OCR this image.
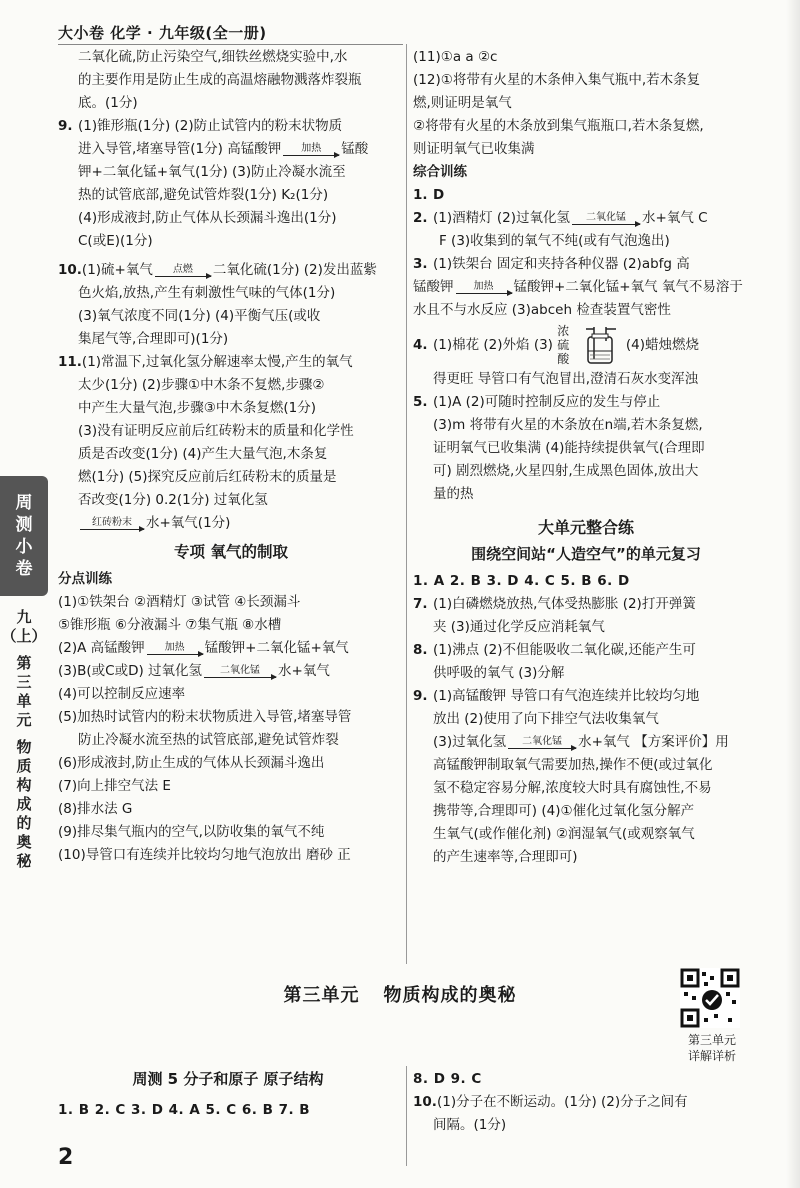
大小卷 化学 · 九年级(全一册)
周
测
小
卷
九
（上）
第
三
单
元
物
质
构
成
的
奥
秘
二氧化硫,防止污染空气,细铁丝燃烧实验中,水
的主要作用是防止生成的高温熔融物溅落炸裂瓶
底。(1分)
9. (1)锥形瓶(1分) (2)防止试管内的粉末状物质
进入导管,堵塞导管(1分) 高锰酸钾 加热 锰酸
钾+二氧化锰+氧气(1分) (3)防止冷凝水流至
热的试管底部,避免试管炸裂(1分) K₂(1分)
(4)形成液封,防止气体从长颈漏斗逸出(1分)
C(或E)(1分)
10.(1)硫+氧气 点燃 二氧化硫(1分) (2)发出蓝紫
色火焰,放热,产生有刺激性气味的气体(1分)
(3)氧气浓度不同(1分) (4)平衡气压(或收
集尾气等,合理即可)(1分)
11.(1)常温下,过氧化氢分解速率太慢,产生的氧气
太少(1分) (2)步骤①中木条不复燃,步骤②
中产生大量气泡,步骤③中木条复燃(1分)
(3)没有证明反应前后红砖粉末的质量和化学性
质是否改变(1分) (4)产生大量气泡,木条复
燃(1分) (5)探究反应前后红砖粉末的质量是
否改变(1分) 0.2(1分) 过氧化氢
红砖粉末 水+氧气(1分)
专项 氧气的制取
分点训练
(1)①铁架台 ②酒精灯 ③试管 ④长颈漏斗
⑤锥形瓶 ⑥分液漏斗 ⑦集气瓶 ⑧水槽
(2)A 高锰酸钾 加热 锰酸钾+二氧化锰+氧气
(3)B(或C或D) 过氧化氢 二氧化锰 水+氧气
(4)可以控制反应速率
(5)加热时试管内的粉末状物质进入导管,堵塞导管
防止冷凝水流至热的试管底部,避免试管炸裂
(6)形成液封,防止生成的气体从长颈漏斗逸出
(7)向上排空气法 E
(8)排水法 G
(9)排尽集气瓶内的空气,以防收集的氧气不纯
(10)导管口有连续并比较均匀地气泡放出 磨砂 正
(11)①a a ②c
(12)①将带有火星的木条伸入集气瓶中,若木条复
燃,则证明是氧气
②将带有火星的木条放到集气瓶瓶口,若木条复燃,
则证明氧气已收集满
综合训练
1. D
2. (1)酒精灯 (2)过氧化氢 二氧化锰 水+氧气 C
F (3)收集到的氧气不纯(或有气泡逸出)
3. (1)铁架台 固定和夹持各种仪器 (2)abfg 高
锰酸钾 加热 锰酸钾+二氧化锰+氧气 氧气不易溶于
水且不与水反应 (3)abceh 检查装置气密性
4. (1)棉花 (2)外焰 (3) 浓硫酸  (4)蜡烛燃烧
得更旺 导管口有气泡冒出,澄清石灰水变浑浊
5. (1)A (2)可随时控制反应的发生与停止
(3)m 将带有火星的木条放在n端,若木条复燃,
证明氧气已收集满 (4)能持续提供氧气(合理即
可) 剧烈燃烧,火星四射,生成黑色固体,放出大
量的热
大单元整合练
围绕空间站“人造空气”的单元复习
1. A 2. B 3. D 4. C 5. B 6. D
7. (1)白磷燃烧放热,气体受热膨胀 (2)打开弹簧
夹 (3)通过化学反应消耗氧气
8. (1)沸点 (2)不但能吸收二氧化碳,还能产生可
供呼吸的氧气 (3)分解
9. (1)高锰酸钾 导管口有气泡连续并比较均匀地
放出 (2)使用了向下排空气法收集氧气
(3)过氧化氢 二氧化锰 水+氧气 【方案评价】用
高锰酸钾制取氧气需要加热,操作不便(或过氧化
氢不稳定容易分解,浓度较大时具有腐蚀性,不易
携带等,合理即可) (4)①催化过氧化氢分解产
生氧气(或作催化剂) ②润湿氧气(或观察氧气
的产生速率等,合理即可)
第三单元
详解详析
第三单元 物质构成的奥秘
周测 5 分子和原子 原子结构
1. B 2. C 3. D 4. A 5. C 6. B 7. B
8. D 9. C
10.(1)分子在不断运动。(1分) (2)分子之间有
间隔。(1分)
2
